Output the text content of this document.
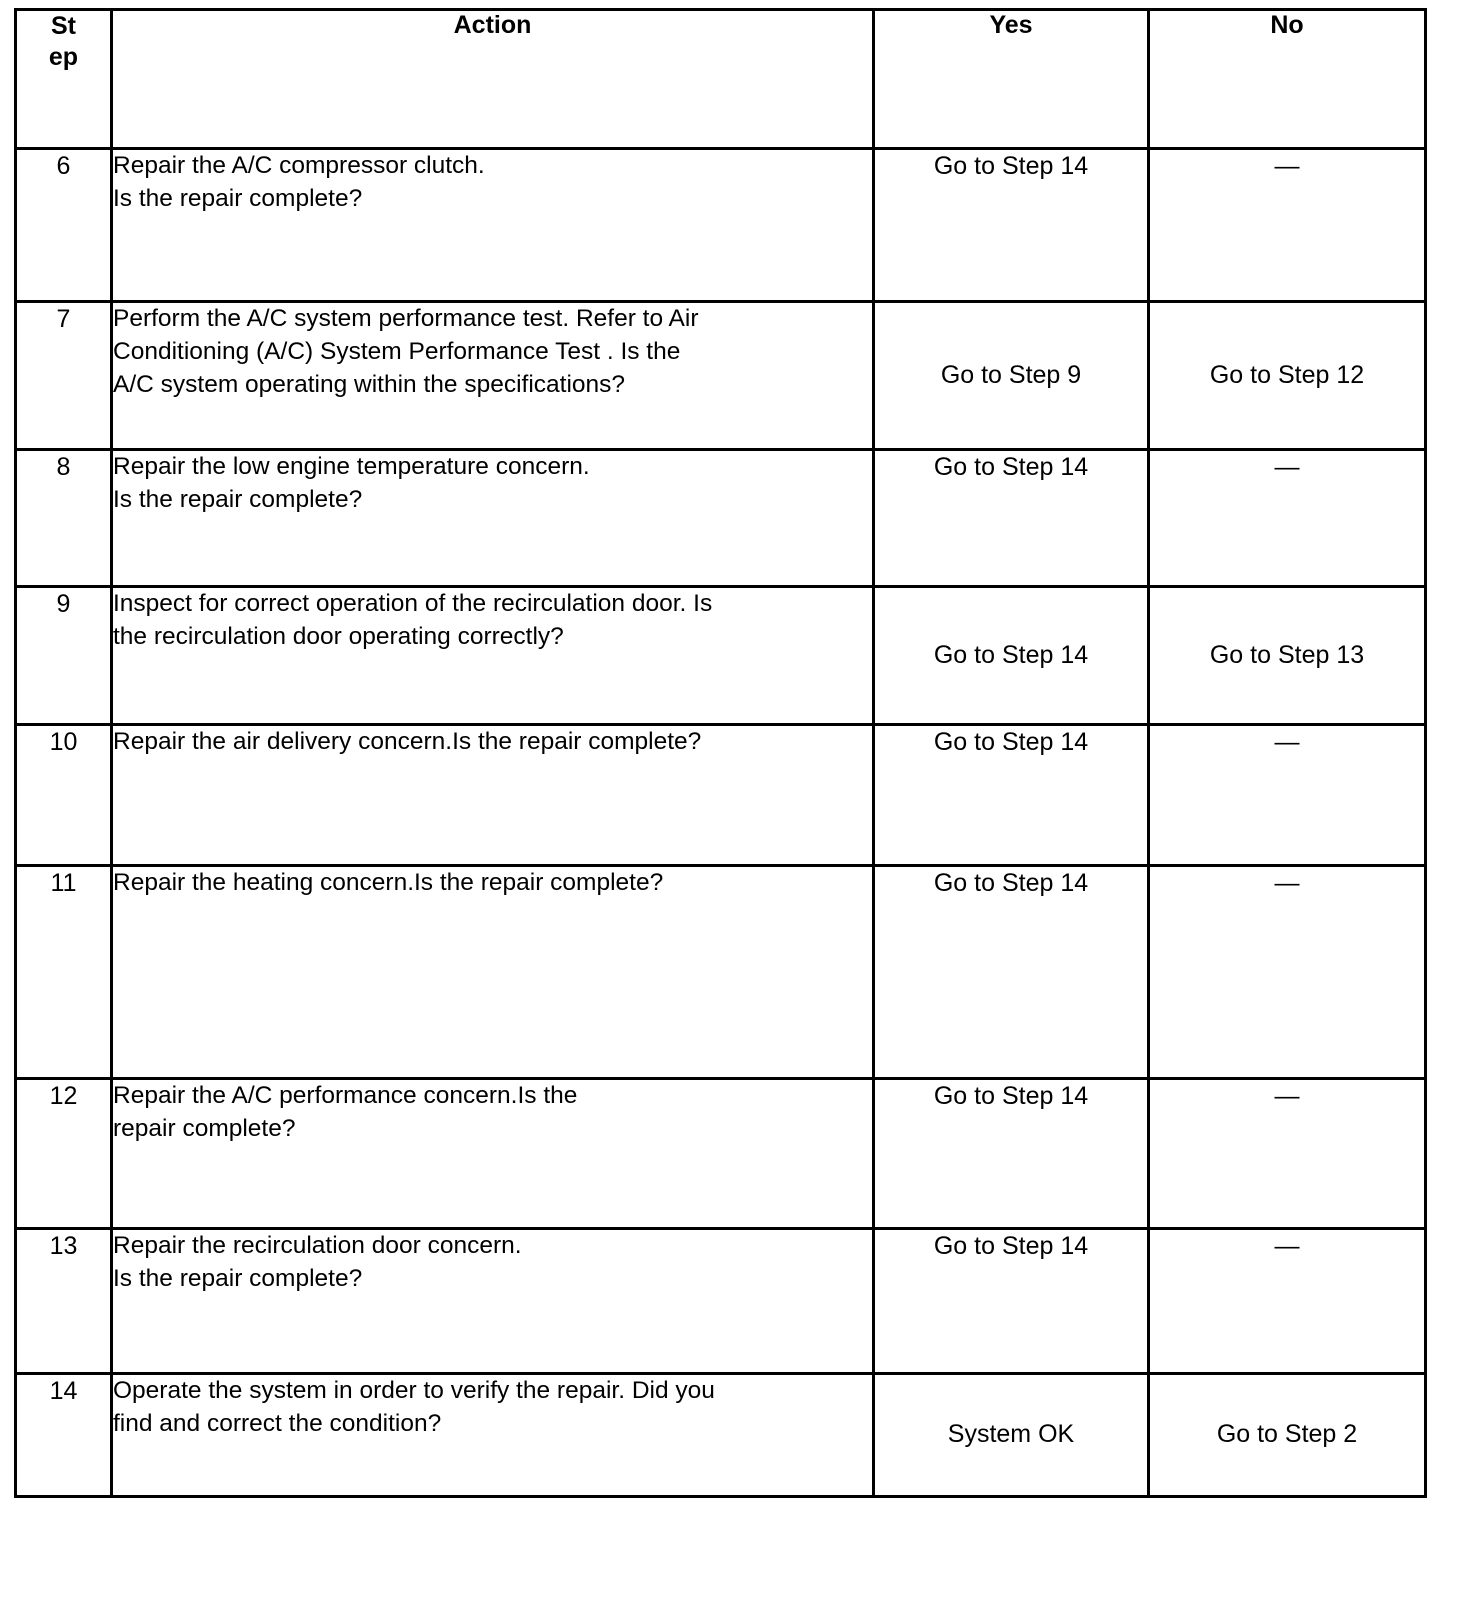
St
ep	Action	Yes	No
6	Repair the A/C compressor clutch.
Is the repair complete?	Go to Step 14	—
7	Perform the A/C system performance test. Refer to Air
Conditioning (A/C) System Performance Test . Is the
A/C system operating within the specifications?	Go to Step 9	Go to Step 12
8	Repair the low engine temperature concern.
Is the repair complete?	Go to Step 14	—
9	Inspect for correct operation of the recirculation door. Is
the recirculation door operating correctly?	Go to Step 14	Go to Step 13
10	Repair the air delivery concern.Is the repair complete?	Go to Step 14	—
11	Repair the heating concern.Is the repair complete?	Go to Step 14	—
12	Repair the A/C performance concern.Is the
repair complete?	Go to Step 14	—
13	Repair the recirculation door concern.
Is the repair complete?	Go to Step 14	—
14	Operate the system in order to verify the repair. Did you
find and correct the condition?	System OK	Go to Step 2
